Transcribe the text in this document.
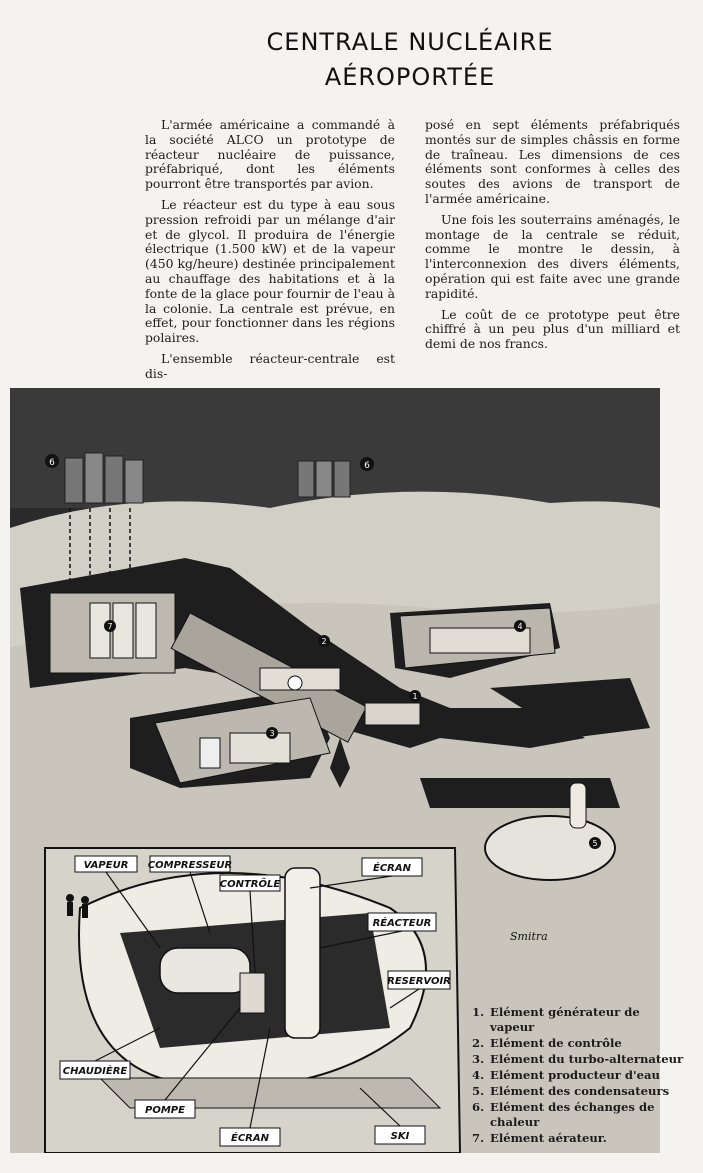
CENTRALE NUCLÉAIRE
AÉROPORTÉE

L'armée américaine a commandé à la société ALCO un prototype de réacteur nucléaire de puissance, préfabriqué, dont les éléments pourront être transportés par avion.

Le réacteur est du type à eau sous pression refroidi par un mélange d'air et de glycol. Il produira de l'énergie électrique (1.500 kW) et de la vapeur (450 kg/heure) destinée principalement au chauffage des habitations et à la fonte de la glace pour fournir de l'eau à la colonie. La centrale est prévue, en effet, pour fonctionner dans les régions polaires.

L'ensemble réacteur-centrale est dis-

posé en sept éléments préfabriqués montés sur de simples châssis en forme de traîneau. Les dimensions de ces éléments sont conformes à celles des soutes des avions de transport de l'armée américaine.

Une fois les souterrains aménagés, le montage de la centrale se réduit, comme le montre le dessin, à l'interconnexion des divers éléments, opération qui est faite avec une grande rapidité.

Le coût de ce prototype peut être chiffré à un peu plus d'un milliard et demi de nos francs.

6	6
7
2
1
3
4
5
VAPEUR COMPRESSEUR
CONTRÔLE
ÉCRAN
RÉACTEUR
RESERVOIR
CHAUDIÈRE
POMPE
ÉCRAN	SKI
Smitra
1. Elément générateur de vapeur
2. Elément de contrôle
3. Elément du turbo-alternateur
4. Elément producteur d'eau
5. Elément des condensateurs
6. Elément des échanges de chaleur
7. Elément aérateur.
